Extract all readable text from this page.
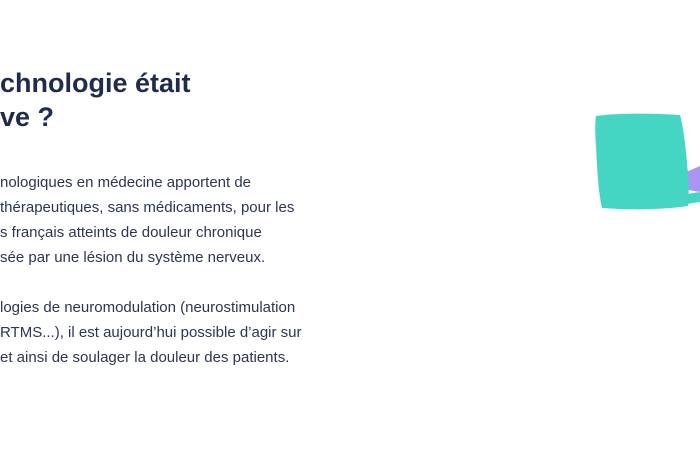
chnologie était
ve ?

nologiques en médecine apportent de
thérapeutiques, sans médicaments, pour les
s français atteints de douleur chronique
sée par une lésion du système nerveux.

logies de neuromodulation (neurostimulation
RTMS...), il est aujourd’hui possible d’agir sur
et ainsi de soulager la douleur des patients.
